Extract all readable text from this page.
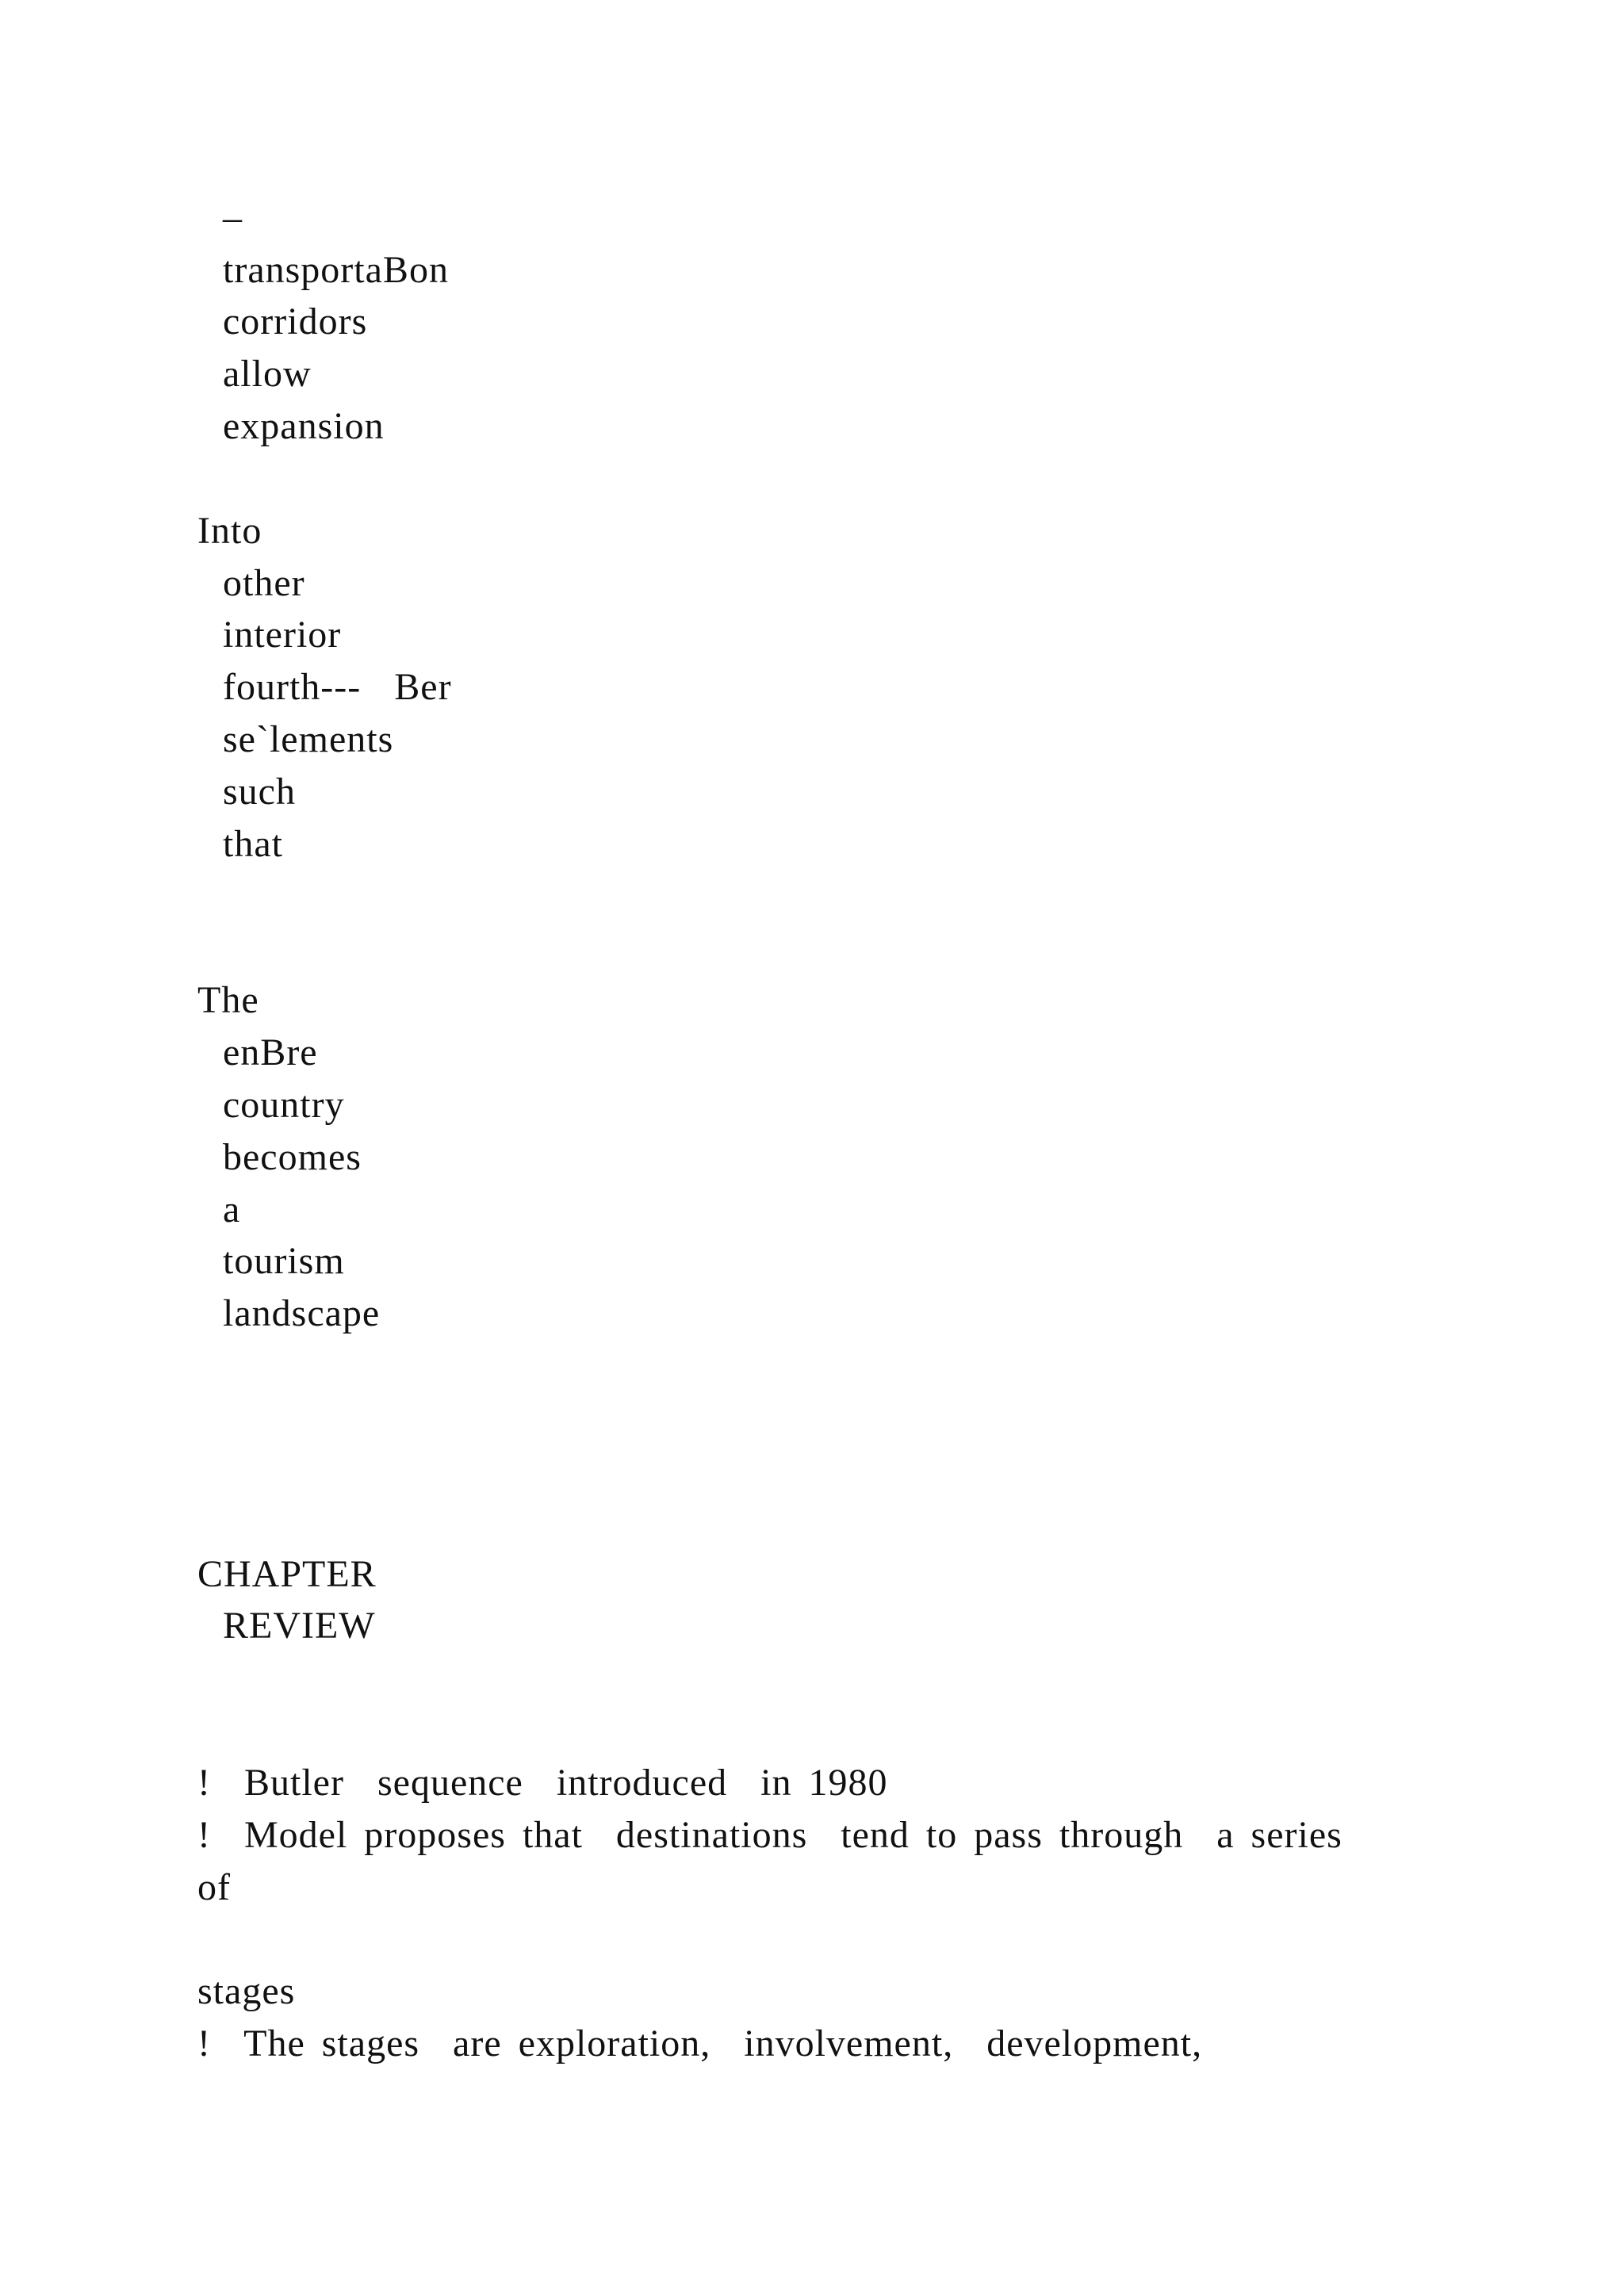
–
transportaBon
corridors
allow
expansion
Into
other
interior
fourth---  Ber
se`lements
such
that
The
enBre
country
becomes
a
tourism
landscape
CHAPTER
REVIEW
!  Butler  sequence  introduced  in 1980
!  Model proposes that  destinations  tend to pass through  a series
of
stages
!  The stages  are exploration,  involvement,  development,
